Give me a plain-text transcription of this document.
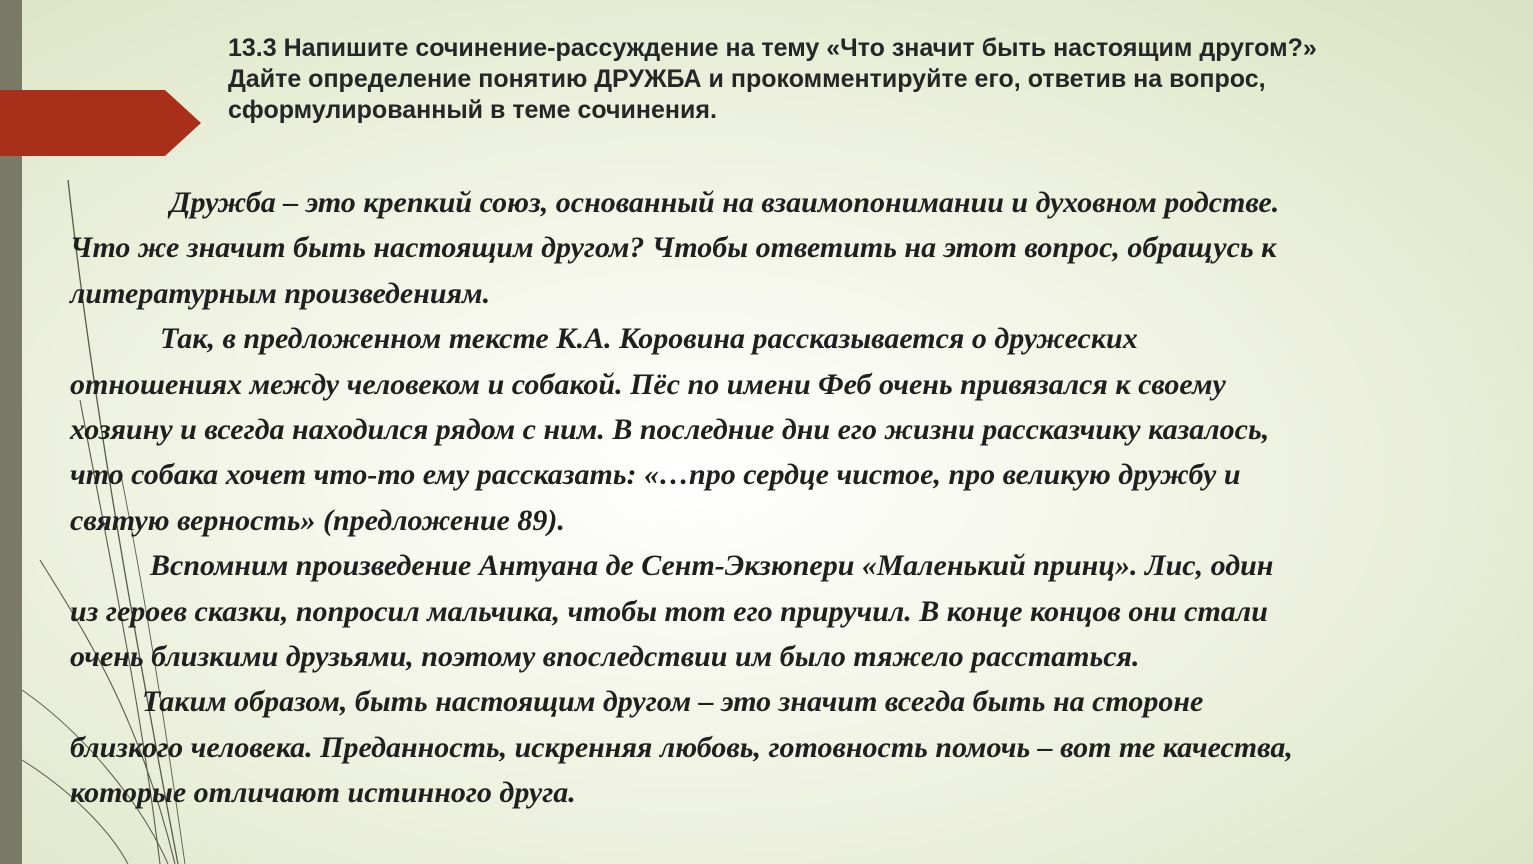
13.3 Напишите сочинение-рассуждение на тему «Что значит быть настоящим другом?»
Дайте определение понятию ДРУЖБА и прокомментируйте его, ответив на вопрос,
сформулированный в теме сочинения.
Дружба – это крепкий союз, основанный на взаимопонимании и духовном родстве.
Что же значит быть настоящим другом? Чтобы ответить на этот вопрос, обращусь к
литературным произведениям.
Так, в предложенном тексте К.А. Коровина рассказывается о дружеских
отношениях между человеком и собакой. Пёс по имени Феб очень привязался к своему
хозяину и всегда находился рядом с ним. В последние дни его жизни рассказчику казалось,
что собака хочет что-то ему рассказать: «…про сердце чистое, про великую дружбу и
святую верность» (предложение 89).
Вспомним произведение Антуана де Сент-Экзюпери «Маленький принц». Лис, один
из героев сказки, попросил мальчика, чтобы тот его приручил. В конце концов они стали
очень близкими друзьями, поэтому впоследствии им было тяжело расстаться.
Таким образом, быть настоящим другом – это значит всегда быть на стороне
близкого человека. Преданность, искренняя любовь, готовность помочь – вот те качества,
которые отличают истинного друга.
